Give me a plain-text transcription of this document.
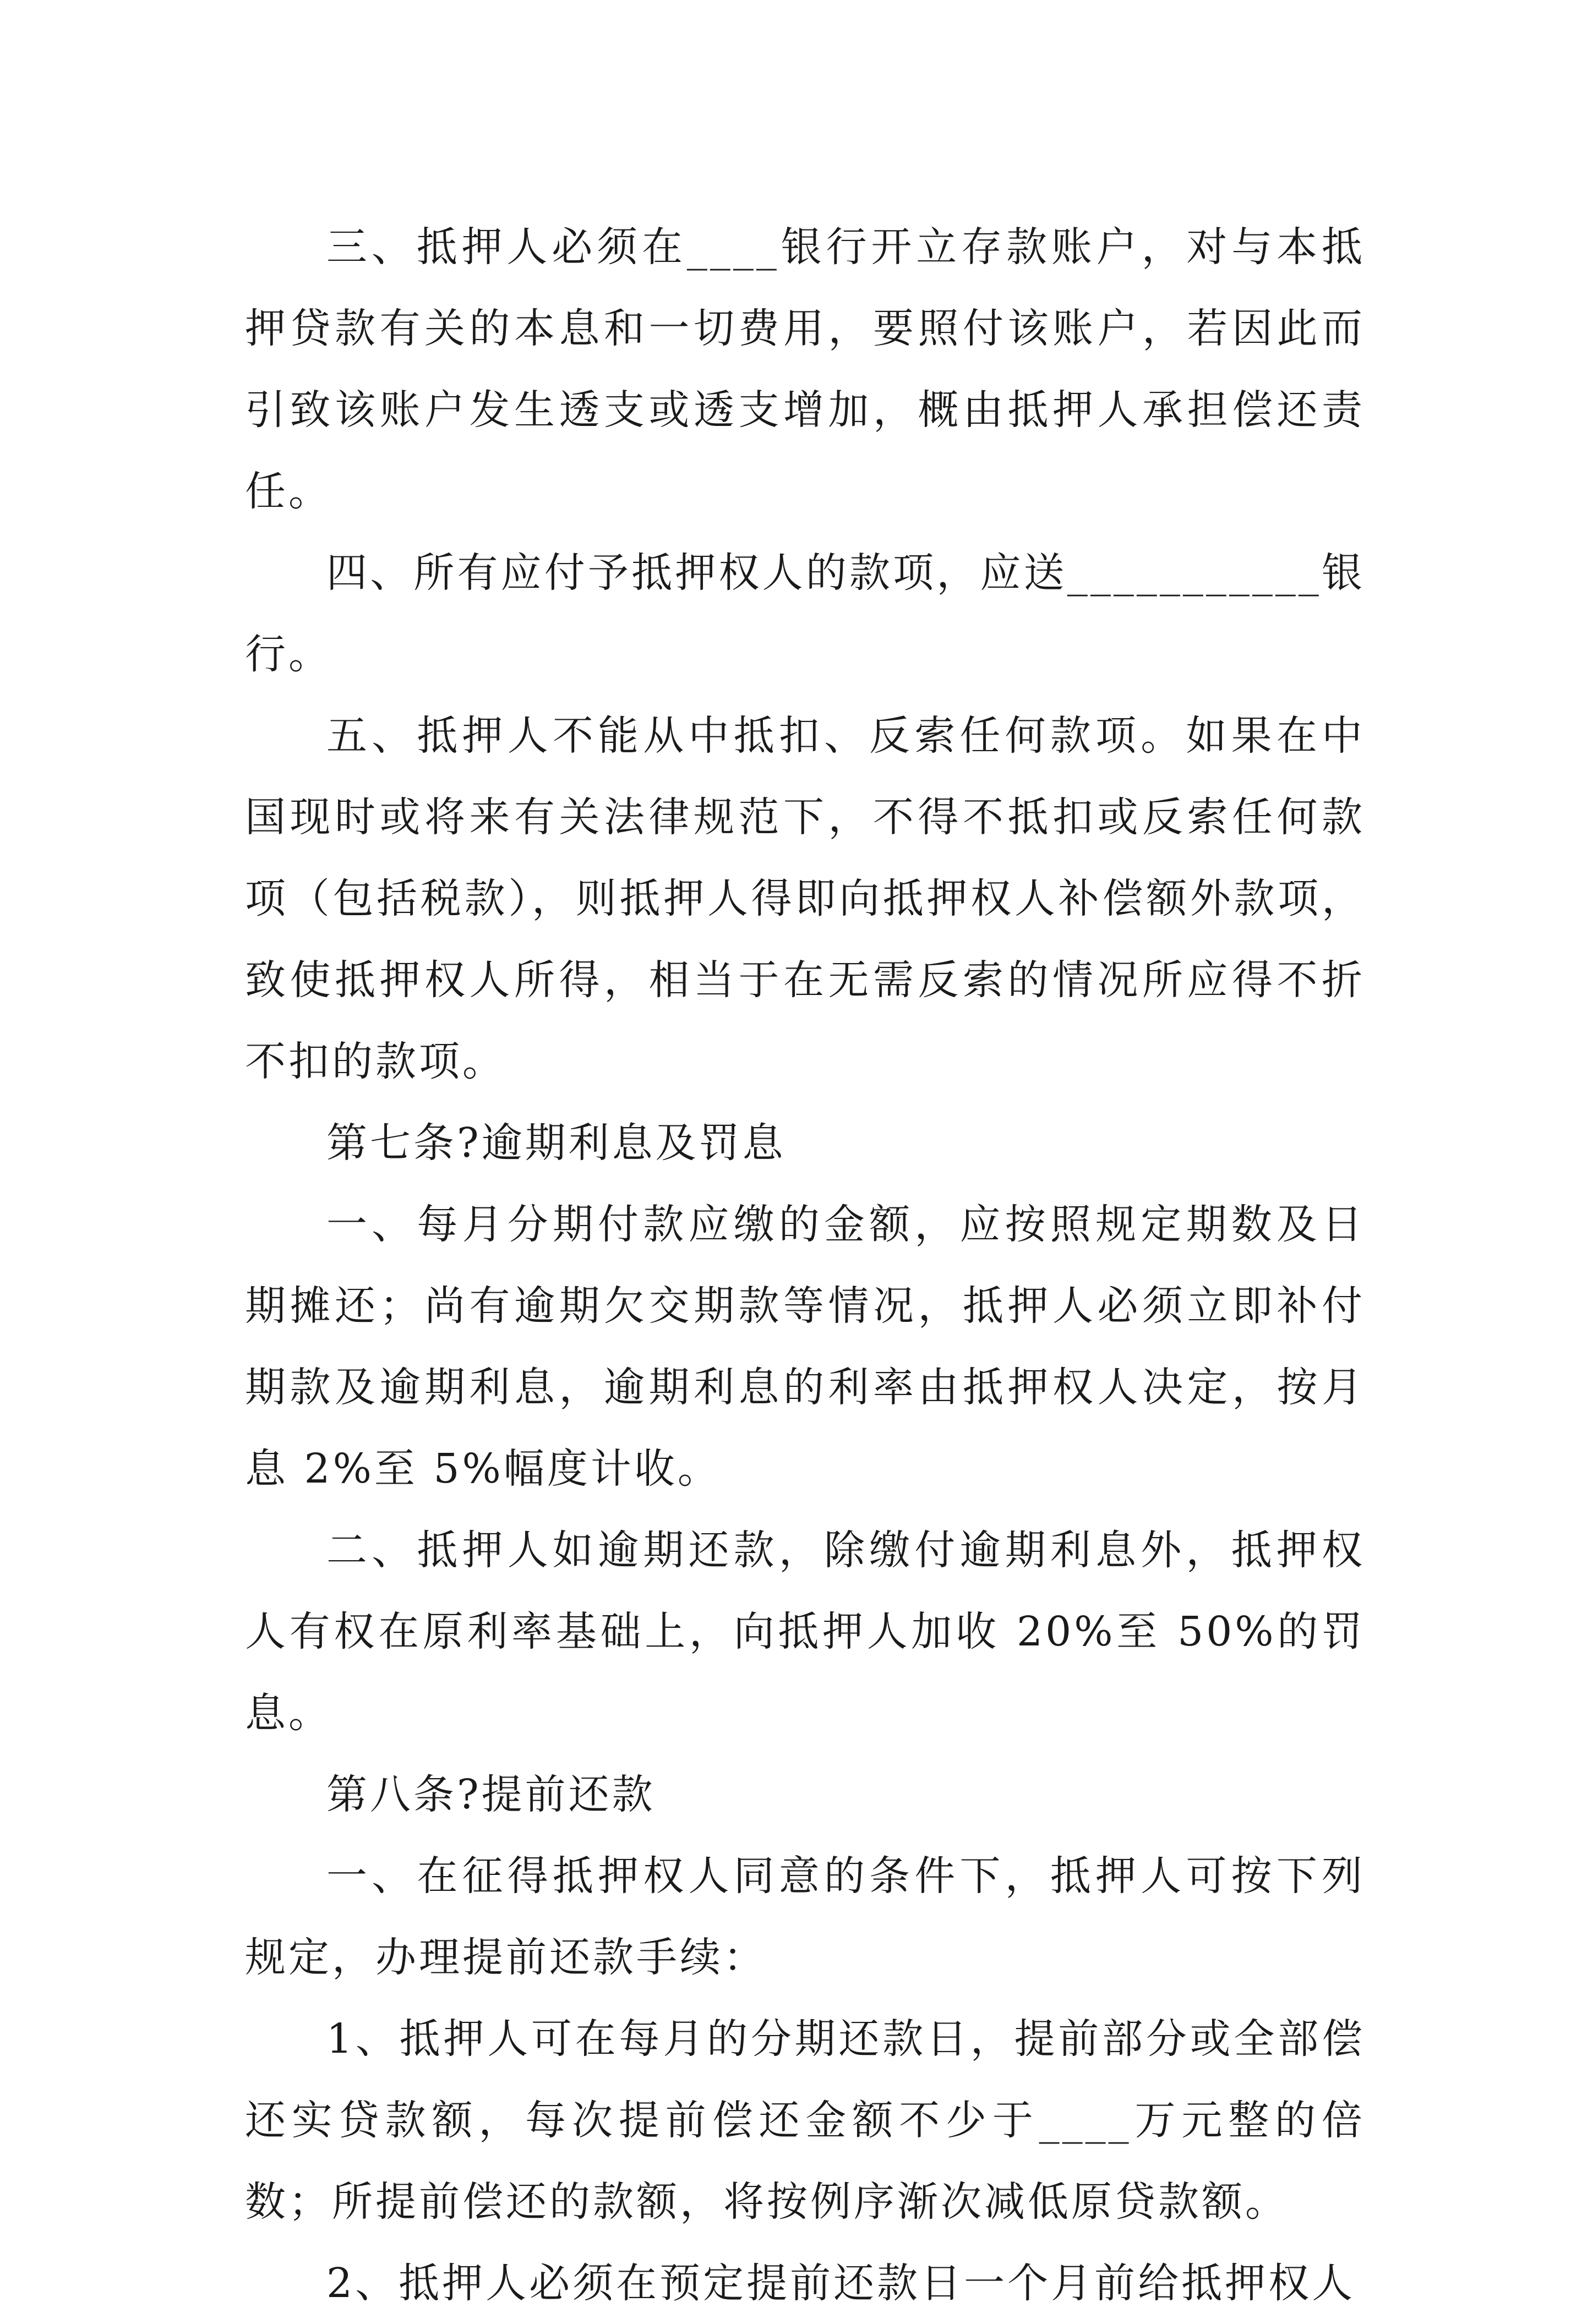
三、抵押人必须在____银行开立存款账户，对与本抵押贷款有关的本息和一切费用，要照付该账户，若因此而引致该账户发生透支或透支增加，概由抵押人承担偿还责任。

四、所有应付予抵押权人的款项，应送___________银行。

五、抵押人不能从中抵扣、反索任何款项。如果在中国现时或将来有关法律规范下，不得不抵扣或反索任何款项（包括税款），则抵押人得即向抵押权人补偿额外款项，致使抵押权人所得，相当于在无需反索的情况所应得不折不扣的款项。

第七条?逾期利息及罚息

一、每月分期付款应缴的金额，应按照规定期数及日期摊还；尚有逾期欠交期款等情况，抵押人必须立即补付期款及逾期利息，逾期利息的利率由抵押权人决定，按月息 2%至 5%幅度计收。

二、抵押人如逾期还款，除缴付逾期利息外，抵押权人有权在原利率基础上，向抵押人加收 20%至 50%的罚息。

第八条?提前还款

一、在征得抵押权人同意的条件下，抵押人可按下列规定，办理提前还款手续：

1、抵押人可在每月的分期还款日，提前部分或全部偿还实贷款额，每次提前偿还金额不少于____万元整的倍数；所提前偿还的款额，将按例序渐次减低原贷款额。

2、抵押人必须在预定提前还款日一个月前给抵押权人
